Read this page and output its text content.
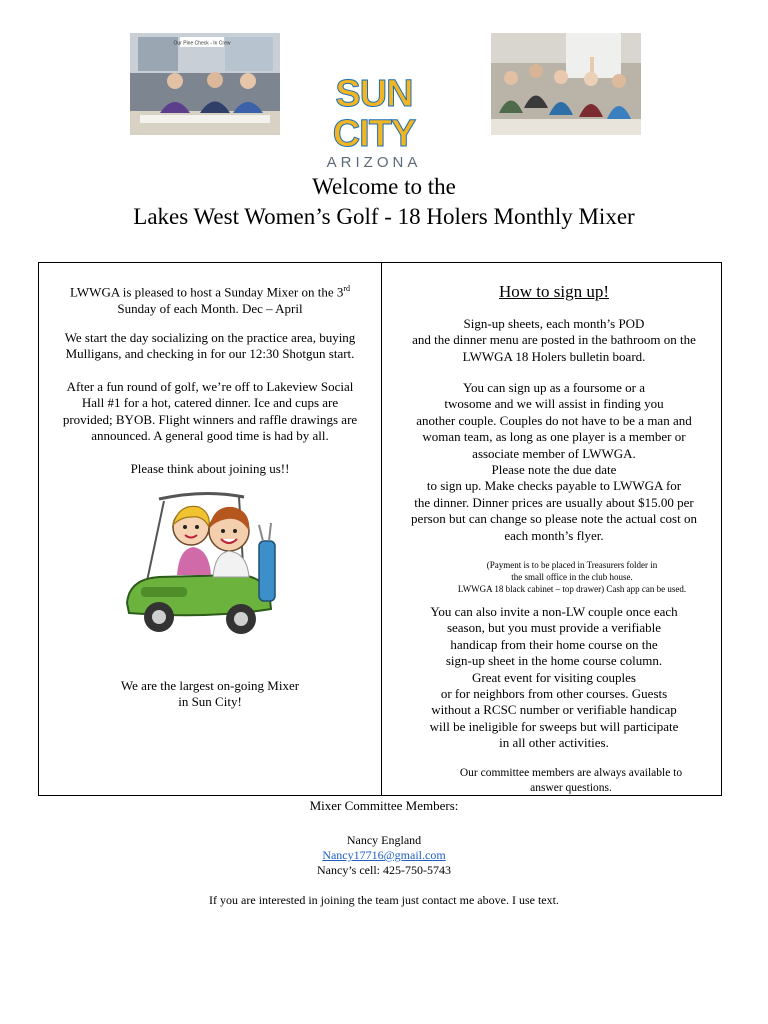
Our Pine Check - In Crew
SUN CITY
ARIZONA
Welcome to the
Lakes West Women’s Golf - 18 Holers Monthly Mixer
LWWGA is pleased to host a Sunday Mixer on the 3rd
Sunday of each Month. Dec – April
We start the day socializing on the practice area, buying
Mulligans, and checking in for our 12:30 Shotgun start.
After a fun round of golf, we’re off to Lakeview Social
Hall #1 for a hot, catered dinner. Ice and cups are
provided; BYOB. Flight winners and raffle drawings are
announced. A general good time is had by all.
Please think about joining us!!
We are the largest on-going Mixer
in Sun City!
How to sign up!
Sign-up sheets, each month’s POD
and the dinner menu are posted in the bathroom on the
LWWGA 18 Holers bulletin board.
You can sign up as a foursome or a
twosome and we will assist in finding you
another couple. Couples do not have to be a man and
woman team, as long as one player is a member or
associate member of LWWGA.
Please note the due date
to sign up. Make checks payable to LWWGA for
the dinner. Dinner prices are usually about $15.00 per
person but can change so please note the actual cost on
each month’s flyer.
(Payment is to be placed in Treasurers folder in
the small office in the club house.
LWWGA 18 black cabinet – top drawer) Cash app can be used.
You can also invite a non-LW couple once each
season, but you must provide a verifiable
handicap from their home course on the
sign-up sheet in the home course column.
Great event for visiting couples
or for neighbors from other courses. Guests
without a RCSC number or verifiable handicap
will be ineligible for sweeps but will participate
in all other activities.
Our committee members are always available to
answer questions.
Mixer Committee Members:
Nancy England
Nancy17716@gmail.com
Nancy’s cell: 425-750-5743
If you are interested in joining the team just contact me above. I use text.
